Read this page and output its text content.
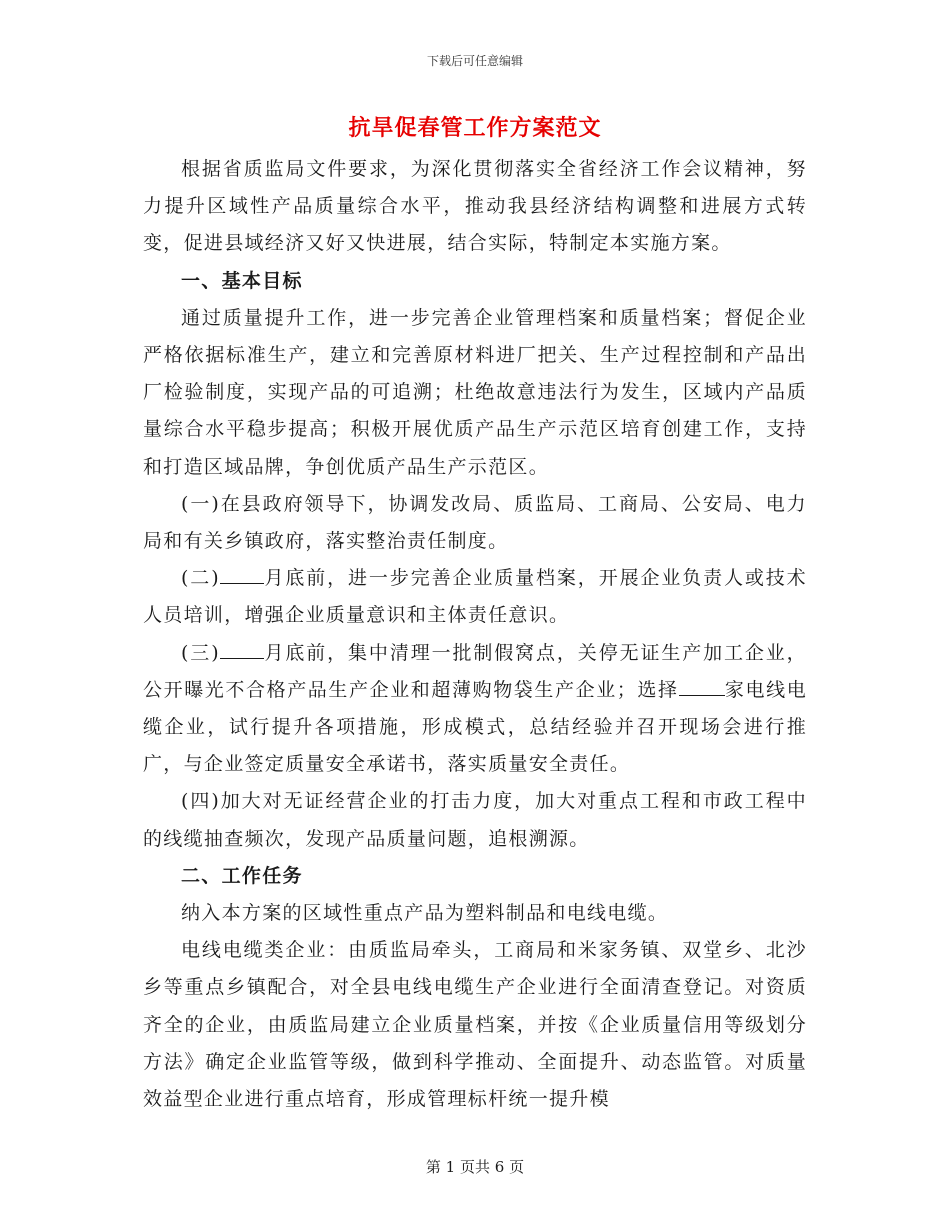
下载后可任意编辑
抗旱促春管工作方案范文

根据省质监局文件要求，为深化贯彻落实全省经济工作会议精神，努力提升区域性产品质量综合水平，推动我县经济结构调整和进展方式转变，促进县域经济又好又快进展，结合实际，特制定本实施方案。

一、基本目标

通过质量提升工作，进一步完善企业管理档案和质量档案；督促企业严格依据标准生产，建立和完善原材料进厂把关、生产过程控制和产品出厂检验制度，实现产品的可追溯；杜绝故意违法行为发生，区域内产品质量综合水平稳步提高；积极开展优质产品生产示范区培育创建工作，支持和打造区域品牌，争创优质产品生产示范区。

(一)在县政府领导下，协调发改局、质监局、工商局、公安局、电力局和有关乡镇政府，落实整治责任制度。

(二) 月底前，进一步完善企业质量档案，开展企业负责人或技术人员培训，增强企业质量意识和主体责任意识。

(三) 月底前，集中清理一批制假窝点，关停无证生产加工企业，公开曝光不合格产品生产企业和超薄购物袋生产企业；选择 家电线电缆企业，试行提升各项措施，形成模式，总结经验并召开现场会进行推广，与企业签定质量安全承诺书，落实质量安全责任。

(四)加大对无证经营企业的打击力度，加大对重点工程和市政工程中的线缆抽查频次，发现产品质量问题，追根溯源。

二、工作任务

纳入本方案的区域性重点产品为塑料制品和电线电缆。

电线电缆类企业：由质监局牵头，工商局和米家务镇、双堂乡、北沙乡等重点乡镇配合，对全县电线电缆生产企业进行全面清查登记。对资质齐全的企业，由质监局建立企业质量档案，并按《企业质量信用等级划分方法》确定企业监管等级，做到科学推动、全面提升、动态监管。对质量效益型企业进行重点培育，形成管理标杆统一提升模

第 1 页共 6 页
